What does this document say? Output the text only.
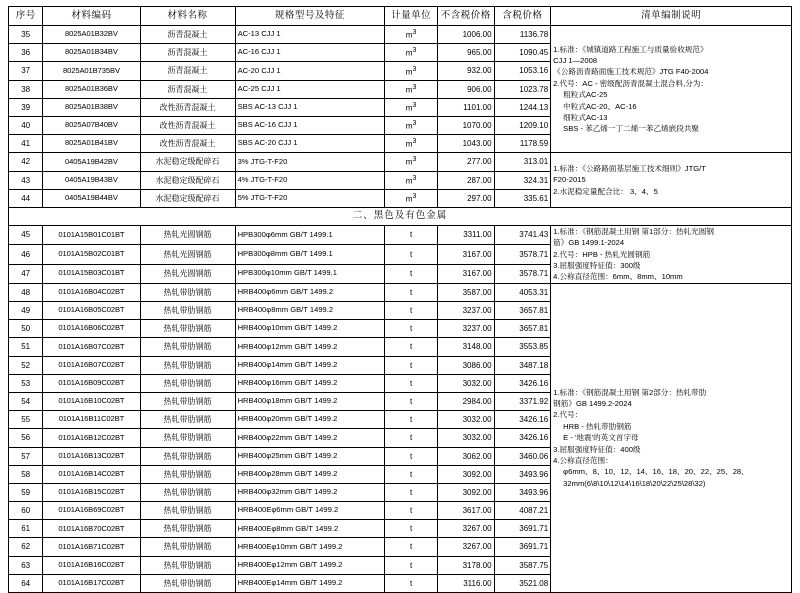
序号	材料编码	材料名称	规格型号及特征	计量单位	不含税价格	含税价格	清单编制说明
35	8025A01B32BV	沥青混凝土	AC-13 CJJ 1	m3	1006.00	1136.78	
1.标准：《城镇道路工程施工与质量验收规范》
CJJ 1—2008
《公路沥青路面施工技术规范》JTG F40-2004
2.代号：AC - 密级配沥青混凝土混合料,分为：
粗粒式AC-25
中粒式AC-20、AC-16
细粒式AC-13
SBS - 苯乙烯一丁二烯一苯乙烯嵌段共聚

36	8025A01B34BV	沥青混凝土	AC-16 CJJ 1	m3	965.00	1090.45	
37	8025A01B735BV	沥青混凝土	AC-20 CJJ 1	m3	932.00	1053.16	
38	8025A01B36BV	沥青混凝土	AC-25 CJJ 1	m3	906.00	1023.78	
39	8025A01B38BV	改性沥青混凝土	SBS AC-13 CJJ 1	m3	1101.00	1244.13	
40	8025A07B40BV	改性沥青混凝土	SBS AC-16 CJJ 1	m3	1070.00	1209.10	
41	8025A01B41BV	改性沥青混凝土	SBS AC-20 CJJ 1	m3	1043.00	1178.59	
42	0405A19B42BV	水泥稳定级配碎石	3% JTG-T-F20	m3	277.00	313.01	1.标准：《公路路面基层施工技术细则》JTG/T
F20-2015
2.水泥稳定量配合比： 3、4、5

43	0405A19B43BV	水泥稳定级配碎石	4% JTG-T-F20	m3	287.00	324.31	
44	0405A19B44BV	水泥稳定级配碎石	5% JTG-T-F20	m3	297.00	335.61	
二、黑色及有色金属							
45	0101A15B01C01BT	热轧光圆钢筋	HPB300φ6mm GB/T 1499.1	t	3311.00	3741.43	1.标准：《钢筋混凝土用钢 第1部分：热轧光圆钢
筋》GB 1499.1-2024
2.代号：HPB - 热轧光圆钢筋
3.屈服强度特征值：300级
4.公称直径范围：6mm、8mm、10mm

46	0101A15B02C01BT	热轧光圆钢筋	HPB300φ8mm GB/T 1499.1	t	3167.00	3578.71	
47	0101A15B03C01BT	热轧光圆钢筋	HPB300φ10mm GB/T 1499.1	t	3167.00	3578.71	
48	0101A16B04C02BT	热轧带肋钢筋	HRB400φ6mm GB/T 1499.2	t	3587.00	4053.31	
1.标准：《钢筋混凝土用钢 第2部分：热轧带肋
钢筋》GB 1499.2-2024
2.代号：
HRB - 热轧带肋钢筋
E - '地震'的英文首字母
3.屈服强度特征值：400级
4.公称直径范围：
φ6mm、8、10、12、14、16、18、20、22、25、28、
32mm(6\8\10\12\14\16\18\20\22\25\28\32)

49	0101A16B05C02BT	热轧带肋钢筋	HRB400φ8mm GB/T 1499.2	t	3237.00	3657.81	
50	0101A16B06C02BT	热轧带肋钢筋	HRB400φ10mm GB/T 1499.2	t	3237.00	3657.81	
51	0101A16B07C02BT	热轧带肋钢筋	HRB400φ12mm GB/T 1499.2	t	3148.00	3553.85	
52	0101A16B07C02BT	热轧带肋钢筋	HRB400φ14mm GB/T 1499.2	t	3086.00	3487.18	
53	0101A16B09C02BT	热轧带肋钢筋	HRB400φ16mm GB/T 1499.2	t	3032.00	3426.16	
54	0101A16B10C02BT	热轧带肋钢筋	HRB400φ18mm GB/T 1499.2	t	2984.00	3371.92	
55	0101A16B11C02BT	热轧带肋钢筋	HRB400φ20mm GB/T 1499.2	t	3032.00	3426.16	
56	0101A16B12C02BT	热轧带肋钢筋	HRB400φ22mm GB/T 1499.2	t	3032.00	3426.16	
57	0101A16B13C02BT	热轧带肋钢筋	HRB400φ25mm GB/T 1499.2	t	3062.00	3460.06	
58	0101A16B14C02BT	热轧带肋钢筋	HRB400φ28mm GB/T 1499.2	t	3092.00	3493.96	
59	0101A16B15C02BT	热轧带肋钢筋	HRB400φ32mm GB/T 1499.2	t	3092.00	3493.96	
60	0101A16B69C02BT	热轧带肋钢筋	HRB400Eφ6mm GB/T 1499.2	t	3617.00	4087.21	
61	0101A16B70C02BT	热轧带肋钢筋	HRB400Eφ8mm GB/T 1499.2	t	3267.00	3691.71	
62	0101A16B71C02BT	热轧带肋钢筋	HRB400Eφ10mm GB/T 1499.2	t	3267.00	3691.71	
63	0101A16B16C02BT	热轧带肋钢筋	HRB400Eφ12mm GB/T 1499.2	t	3178.00	3587.75	
64	0101A16B17C02BT	热轧带肋钢筋	HRB400Eφ14mm GB/T 1499.2	t	3116.00	3521.08	
